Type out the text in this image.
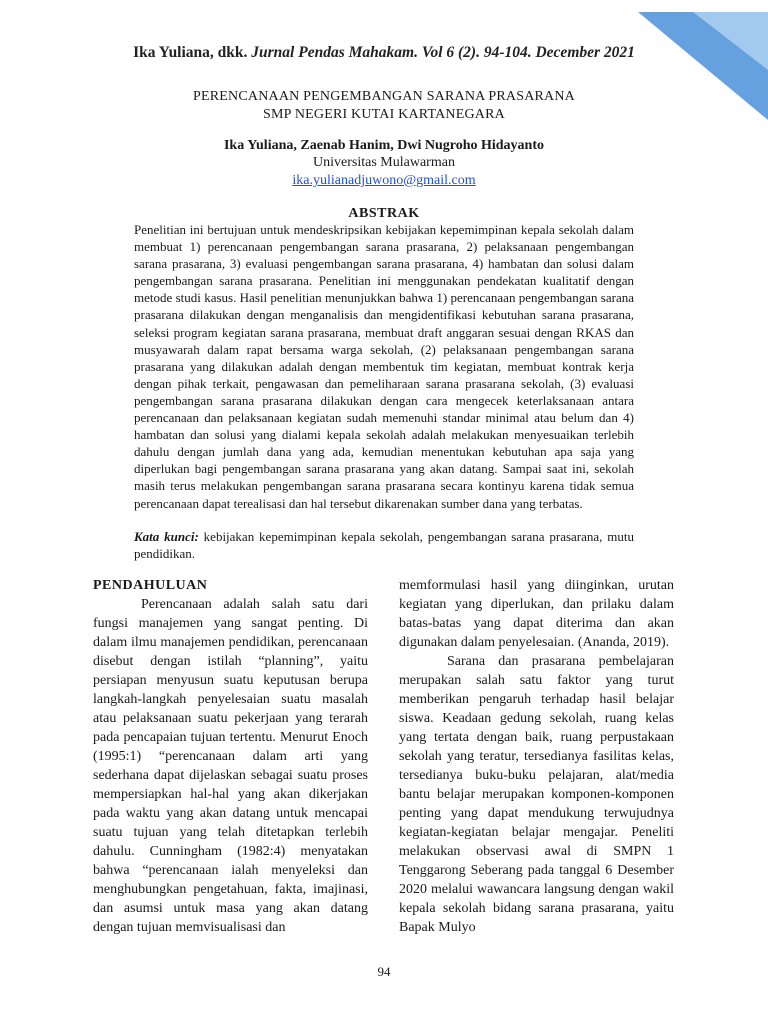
Ika Yuliana, dkk. Jurnal Pendas Mahakam. Vol 6 (2). 94-104. December 2021
PERENCANAAN PENGEMBANGAN SARANA PRASARANA
SMP NEGERI KUTAI KARTANEGARA
Ika Yuliana, Zaenab Hanim, Dwi Nugroho Hidayanto
Universitas Mulawarman
ika.yulianadjuwono@gmail.com
ABSTRAK

Penelitian ini bertujuan untuk mendeskripsikan kebijakan kepemimpinan kepala sekolah dalam membuat 1) perencanaan pengembangan sarana prasarana, 2) pelaksanaan pengembangan sarana prasarana, 3) evaluasi pengembangan sarana prasarana, 4) hambatan dan solusi dalam pengembangan sarana prasarana. Penelitian ini menggunakan pendekatan kualitatif dengan metode studi kasus. Hasil penelitian menunjukkan bahwa 1) perencanaan pengembangan sarana prasarana dilakukan dengan menganalisis dan mengidentifikasi kebutuhan sarana prasarana, seleksi program kegiatan sarana prasarana, membuat draft anggaran sesuai dengan RKAS dan musyawarah dalam rapat bersama warga sekolah, (2) pelaksanaan pengembangan sarana prasarana yang dilakukan adalah dengan membentuk tim kegiatan, membuat kontrak kerja dengan pihak terkait, pengawasan dan pemeliharaan sarana prasarana sekolah, (3) evaluasi pengembangan sarana prasarana dilakukan dengan cara mengecek keterlaksanaan antara perencanaan dan pelaksanaan kegiatan sudah memenuhi standar minimal atau belum dan 4) hambatan dan solusi yang dialami kepala sekolah adalah melakukan menyesuaikan terlebih dahulu dengan jumlah dana yang ada, kemudian menentukan kebutuhan apa saja yang diperlukan bagi pengembangan sarana prasarana yang akan datang. Sampai saat ini, sekolah masih terus melakukan pengembangan sarana prasarana secara kontinyu karena tidak semua perencanaan dapat terealisasi dan hal tersebut dikarenakan sumber dana yang terbatas.

Kata kunci: kebijakan kepemimpinan kepala sekolah, pengembangan sarana prasarana, mutu pendidikan.

PENDAHULUAN

Perencanaan adalah salah satu dari fungsi manajemen yang sangat penting. Di dalam ilmu manajemen pendidikan, perencanaan disebut dengan istilah “planning”, yaitu persiapan menyusun suatu keputusan berupa langkah-langkah penyelesaian suatu masalah atau pelaksanaan suatu pekerjaan yang terarah pada pencapaian tujuan tertentu. Menurut Enoch (1995:1) “perencanaan dalam arti yang sederhana dapat dijelaskan sebagai suatu proses mempersiapkan hal-hal yang akan dikerjakan pada waktu yang akan datang untuk mencapai suatu tujuan yang telah ditetapkan terlebih dahulu. Cunningham (1982:4) menyatakan bahwa “perencanaan ialah menyeleksi dan menghubungkan pengetahuan, fakta, imajinasi, dan asumsi untuk masa yang akan datang dengan tujuan memvisualisasi dan

memformulasi hasil yang diinginkan, urutan kegiatan yang diperlukan, dan prilaku dalam batas-batas yang dapat diterima dan akan digunakan dalam penyelesaian. (Ananda, 2019).

Sarana dan prasarana pembelajaran merupakan salah satu faktor yang turut memberikan pengaruh terhadap hasil belajar siswa. Keadaan gedung sekolah, ruang kelas yang tertata dengan baik, ruang perpustakaan sekolah yang teratur, tersedianya fasilitas kelas, tersedianya buku-buku pelajaran, alat/media bantu belajar merupakan komponen-komponen penting yang dapat mendukung terwujudnya kegiatan-kegiatan belajar mengajar. Peneliti melakukan observasi awal di SMPN 1 Tenggarong Seberang pada tanggal 6 Desember 2020 melalui wawancara langsung dengan wakil kepala sekolah bidang sarana prasarana, yaitu Bapak Mulyo

94
